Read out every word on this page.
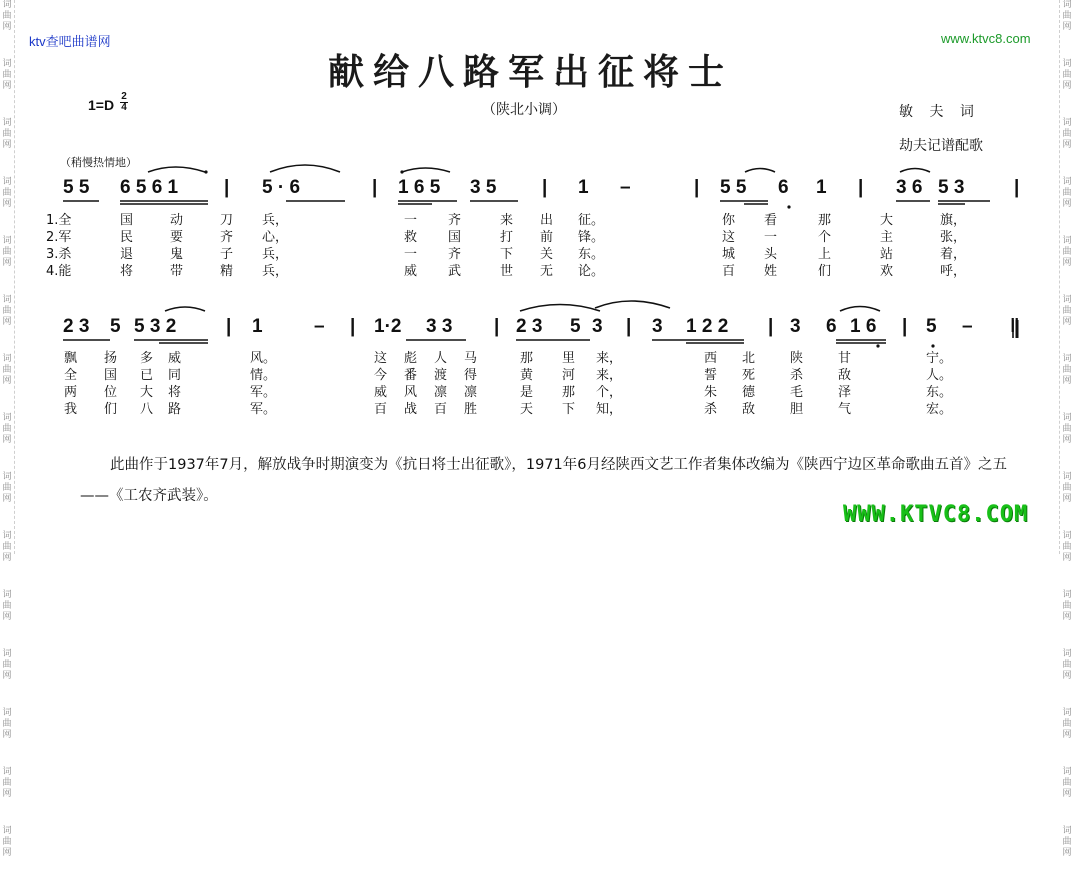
词
曲
网
词
曲
网
词
曲
网
词
曲
网
词
曲
网
词
曲
网
词
曲
网
词
曲
网
词
曲
网
词
曲
网
词
曲
网
词
曲
网
词
曲
网
词
曲
网
词
曲
网
词
曲
网
词
曲
网
词
曲
网
词
曲
网
词
曲
网
词
曲
网
词
曲
网
词
曲
网
词
曲
网
词
曲
网
词
曲
网
词
曲
网
词
曲
网
词
曲
网
词
曲
网
ktv查吧曲谱网	www.ktvc8.com
献给八路军出征将士
1=D
2
4	（陕北小调）	敏 夫 词
劫夫记谱配歌
（稍慢热情地）
5 5 6 5 6 1 | 5 · 6	| 1 6 5 3 5 | 1 –	| 5 5 6 1 | 3 6 5 3	|
1.全	国	动	刀 兵，	一 齐	来 出 征。	你 看	那	大	旗，
2.军	民	要	齐 心，	救 国	打 前 锋。	这 一	个	主	张，
3.杀	退	鬼	子 兵，	一 齐	下 关 东。	城 头	上	站	着，
4.能	将	带	精 兵，	威 武	世 无 论。	百 姓	们	欢	呼，
2 3 5 5 3 2	| 1	– | 1·2 3 3 | 2 3 5 3 | 3 1 2 2 | 3 6 1 6 | 5 – ‖
飘 扬 多 威	风。	这 彪 人 马	那 里 来，	西 北	陕	甘	宁。
全 国 已 同	情。	今 番 渡 得	黄 河 来，	誓 死	杀	敌	人。
两 位 大 将	军。	威 风 凛 凛	是 那 个，	朱 德	毛	泽	东。
我 们 八 路	军。	百 战 百 胜	天 下 知，	杀 敌	胆	气	宏。
此曲作于1937年7月，解放战争时期演变为《抗日将士出征歌》，1971年6月经陕西文艺工作者集体改编为《陕西宁边区革命歌曲五首》之五——《工农齐武装》。
WWW.KTVC8.COM
